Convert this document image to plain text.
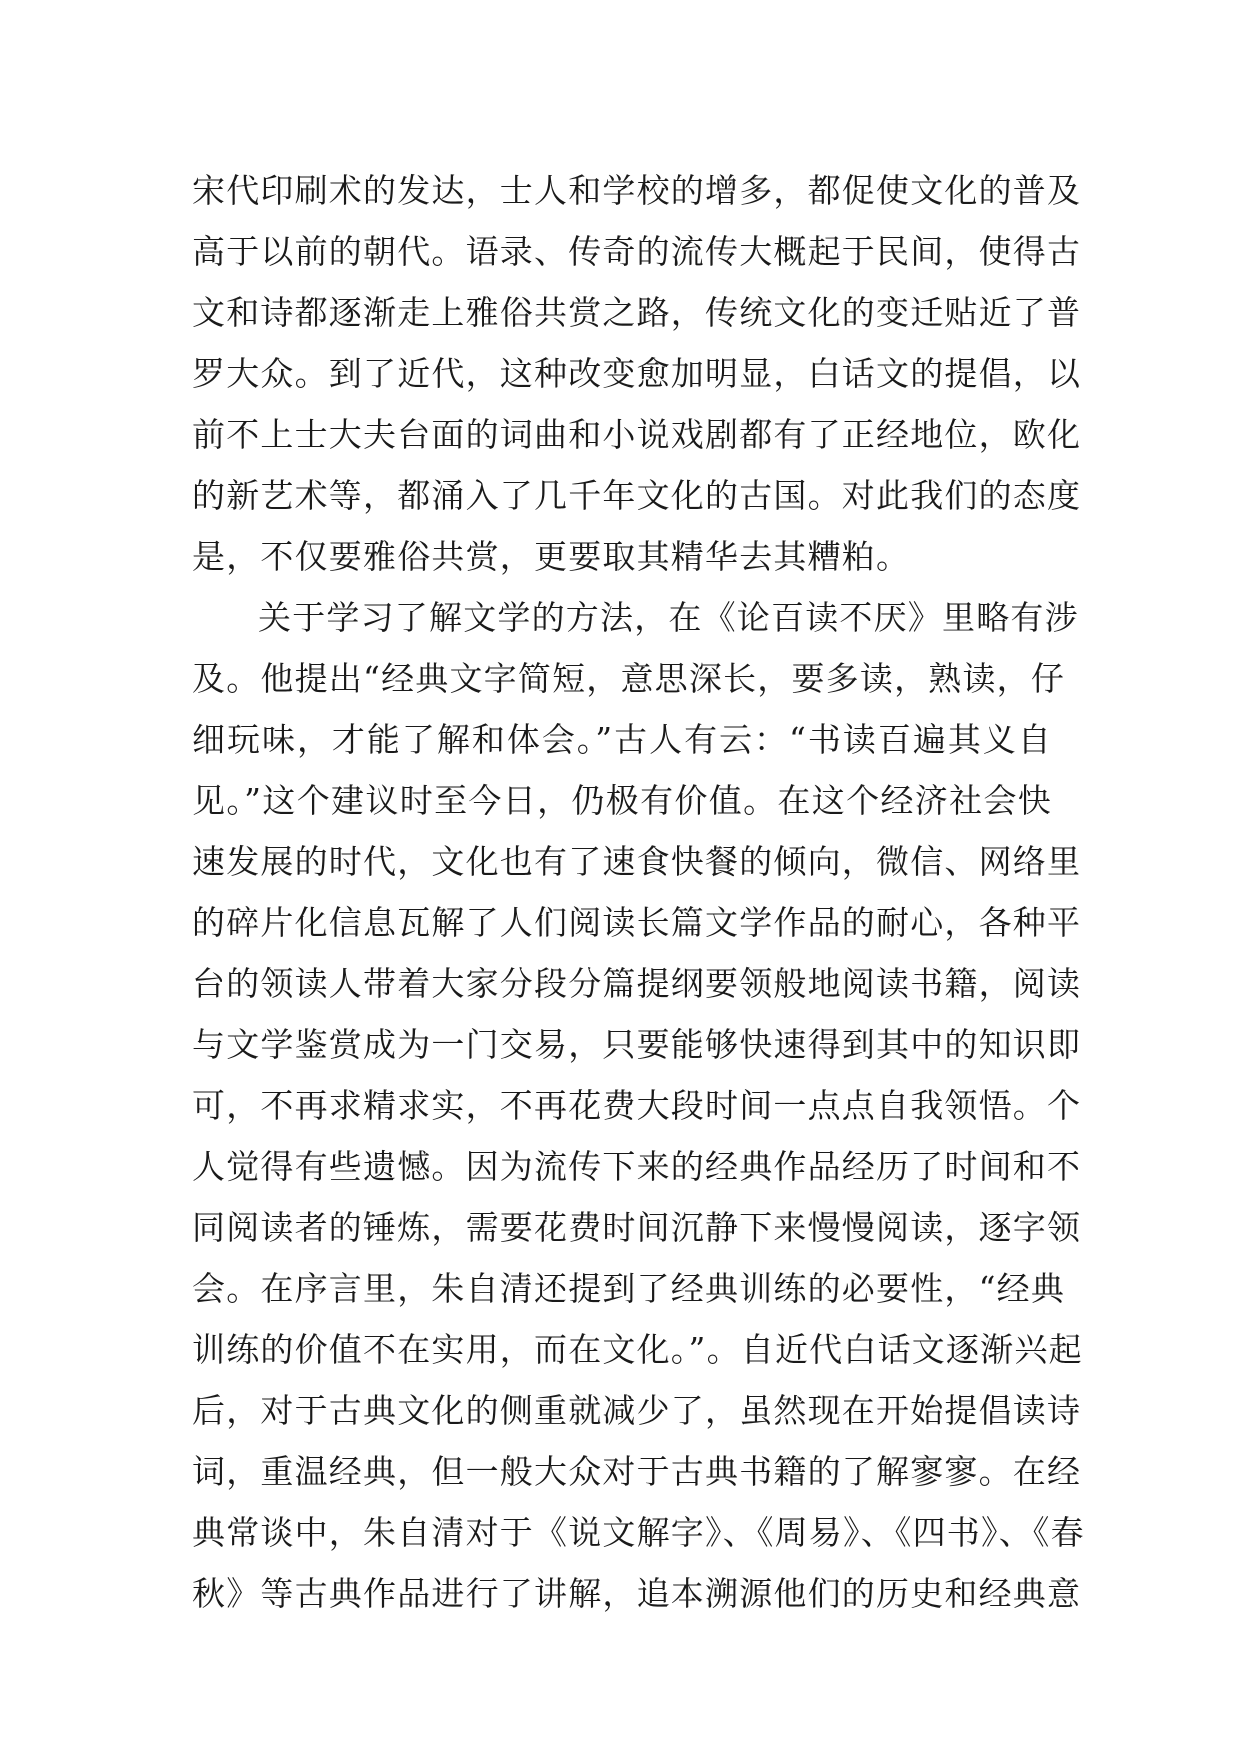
宋代印刷术的发达，士人和学校的增多，都促使文化的普及
高于以前的朝代。语录、传奇的流传大概起于民间，使得古
文和诗都逐渐走上雅俗共赏之路，传统文化的变迁贴近了普
罗大众。到了近代，这种改变愈加明显，白话文的提倡，以
前不上士大夫台面的词曲和小说戏剧都有了正经地位，欧化
的新艺术等，都涌入了几千年文化的古国。对此我们的态度
是，不仅要雅俗共赏，更要取其精华去其糟粕。
关于学习了解文学的方法，在《论百读不厌》里略有涉
及。他提出“经典文字简短，意思深长，要多读，熟读，仔
细玩味，才能了解和体会。”古人有云：“书读百遍其义自
见。”这个建议时至今日，仍极有价值。在这个经济社会快
速发展的时代，文化也有了速食快餐的倾向，微信、网络里
的碎片化信息瓦解了人们阅读长篇文学作品的耐心，各种平
台的领读人带着大家分段分篇提纲要领般地阅读书籍，阅读
与文学鉴赏成为一门交易，只要能够快速得到其中的知识即
可，不再求精求实，不再花费大段时间一点点自我领悟。个
人觉得有些遗憾。因为流传下来的经典作品经历了时间和不
同阅读者的锤炼，需要花费时间沉静下来慢慢阅读，逐字领
会。在序言里，朱自清还提到了经典训练的必要性，“经典
训练的价值不在实用，而在文化。”。自近代白话文逐渐兴起
后，对于古典文化的侧重就减少了，虽然现在开始提倡读诗
词，重温经典，但一般大众对于古典书籍的了解寥寥。在经
典常谈中，朱自清对于《说文解字》、《周易》、《四书》、《春
秋》等古典作品进行了讲解，追本溯源他们的历史和经典意
